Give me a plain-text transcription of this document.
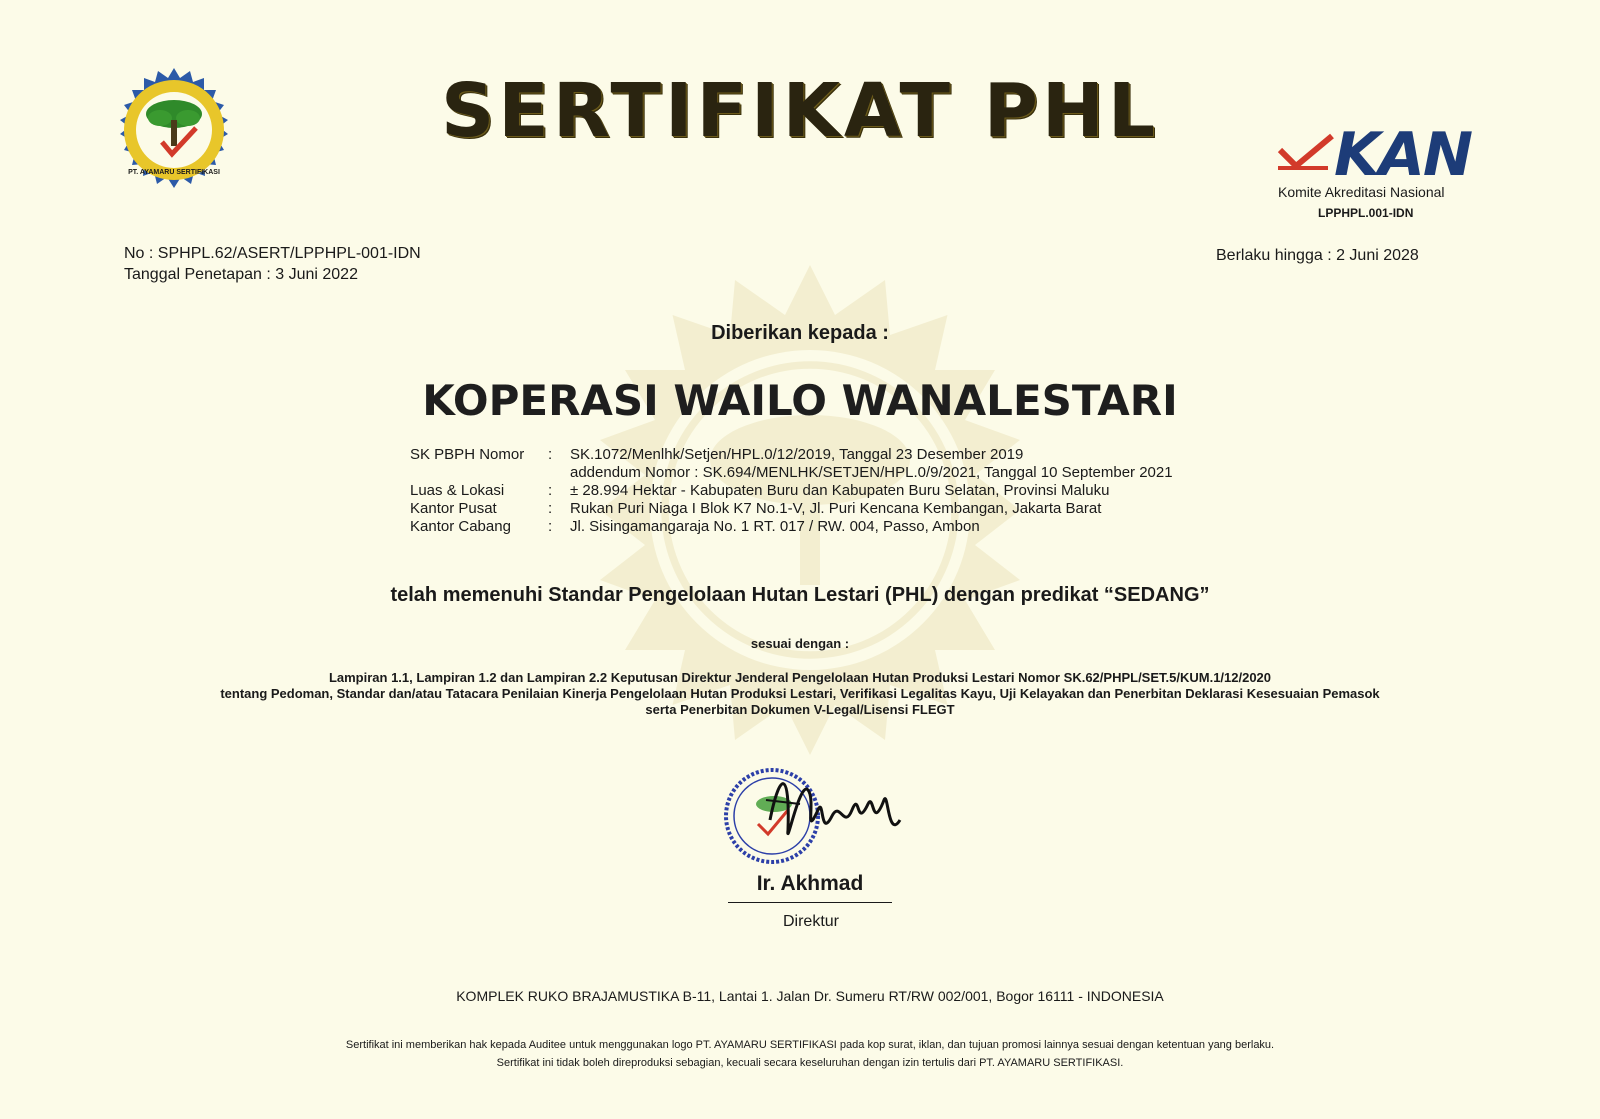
PT. AYAMARU SERTIFIKASI
SERTIFIKAT PHL
KAN
Komite Akreditasi Nasional
LPPHPL.001-IDN
No : SPHPL.62/ASERT/LPPHPL-001-IDN
Tanggal Penetapan : 3 Juni 2022
Berlaku hingga : 2 Juni 2028
Diberikan kepada :
KOPERASI WAILO WANALESTARI
SK PBPH Nomor	:	SK.1072/Menlhk/Setjen/HPL.0/12/2019, Tanggal 23 Desember 2019
addendum Nomor : SK.694/MENLHK/SETJEN/HPL.0/9/2021, Tanggal 10 September 2021
Luas & Lokasi	:	± 28.994 Hektar - Kabupaten Buru dan Kabupaten Buru Selatan, Provinsi Maluku
Kantor Pusat	:	Rukan Puri Niaga I Blok K7 No.1-V, Jl. Puri Kencana Kembangan, Jakarta Barat
Kantor Cabang	:	Jl. Sisingamangaraja No. 1 RT. 017 / RW. 004, Passo, Ambon
telah memenuhi Standar Pengelolaan Hutan Lestari (PHL) dengan predikat “SEDANG”
sesuai dengan :
Lampiran 1.1, Lampiran 1.2 dan Lampiran 2.2 Keputusan Direktur Jenderal Pengelolaan Hutan Produksi Lestari Nomor SK.62/PHPL/SET.5/KUM.1/12/2020
tentang Pedoman, Standar dan/atau Tatacara Penilaian Kinerja Pengelolaan Hutan Produksi Lestari, Verifikasi Legalitas Kayu, Uji Kelayakan dan Penerbitan Deklarasi Kesesuaian Pemasok
serta Penerbitan Dokumen V-Legal/Lisensi FLEGT
Ir. Akhmad
Direktur
KOMPLEK RUKO BRAJAMUSTIKA B-11, Lantai 1. Jalan Dr. Sumeru RT/RW 002/001, Bogor 16111 - INDONESIA
Sertifikat ini memberikan hak kepada Auditee untuk menggunakan logo PT. AYAMARU SERTIFIKASI pada kop surat, iklan, dan tujuan promosi lainnya sesuai dengan ketentuan yang berlaku.
Sertifikat ini tidak boleh direproduksi sebagian, kecuali secara keseluruhan dengan izin tertulis dari PT. AYAMARU SERTIFIKASI.
